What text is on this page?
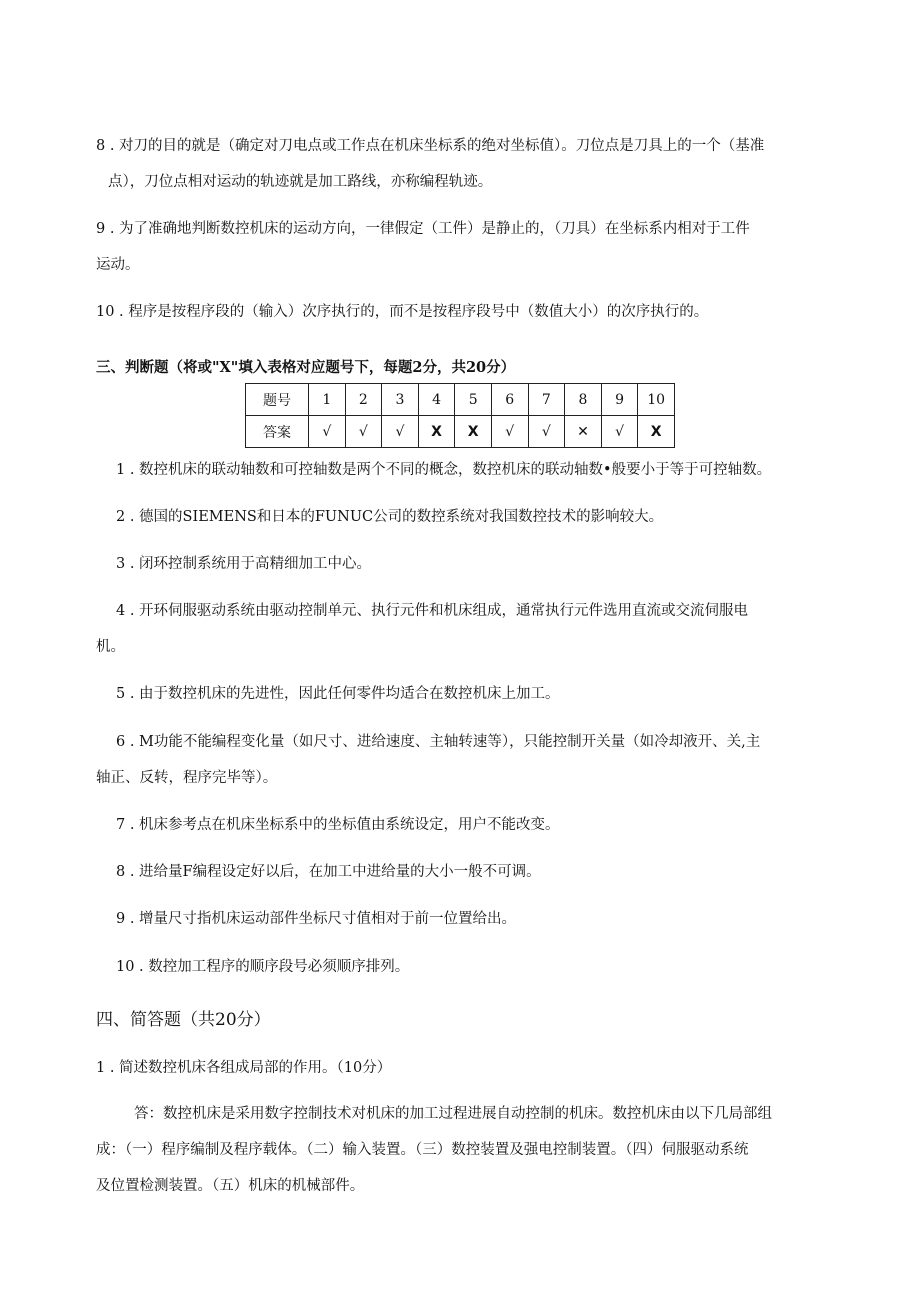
8 . 对刀的目的就是（确定对刀电点或工作点在机床坐标系的绝对坐标值）。刀位点是刀具上的一个（基准
点），刀位点相对运动的轨迹就是加工路线，亦称编程轨迹。
9 . 为了准确地判断数控机床的运动方向，一律假定（工件）是静止的，（刀具）在坐标系内相对于工件
运动。
10 . 程序是按程序段的（输入）次序执行的，而不是按程序段号中（数值大小）的次序执行的。
三、判断题（将或"X"填入表格对应题号下，每题2分，共20分）
题号	1	2	3	4	5	6	7	8	9	10
答案	√	√	√	X	X	√	√	✕	√	X
1 . 数控机床的联动轴数和可控轴数是两个不同的概念，数控机床的联动轴数•般要小于等于可控轴数。
2 . 德国的SIEMENS和日本的FUNUC公司的数控系统对我国数控技术的影响较大。
3 . 闭环控制系统用于高精细加工中心。
4 . 开环伺服驱动系统由驱动控制单元、执行元件和机床组成，通常执行元件选用直流或交流伺服电
机。
5 . 由于数控机床的先进性，因此任何零件均适合在数控机床上加工。
6 . M功能不能编程变化量（如尺寸、进给速度、主轴转速等），只能控制开关量（如冷却液开、关,主
轴正、反转，程序完毕等）。
7 . 机床参考点在机床坐标系中的坐标值由系统设定，用户不能改变。
8 . 进给量F编程设定好以后，在加工中进给量的大小一般不可调。
9 . 增量尺寸指机床运动部件坐标尺寸值相对于前一位置给出。
10 . 数控加工程序的顺序段号必须顺序排列。
四、简答题（共20分）
1 . 简述数控机床各组成局部的作用。（10分）
答：数控机床是采用数字控制技术对机床的加工过程进展自动控制的机床。数控机床由以下几局部组
成：（一）程序编制及程序载体。（二）输入装置。（三）数控装置及强电控制装置。（四）伺服驱动系统
及位置检测装置。（五）机床的机械部件。
